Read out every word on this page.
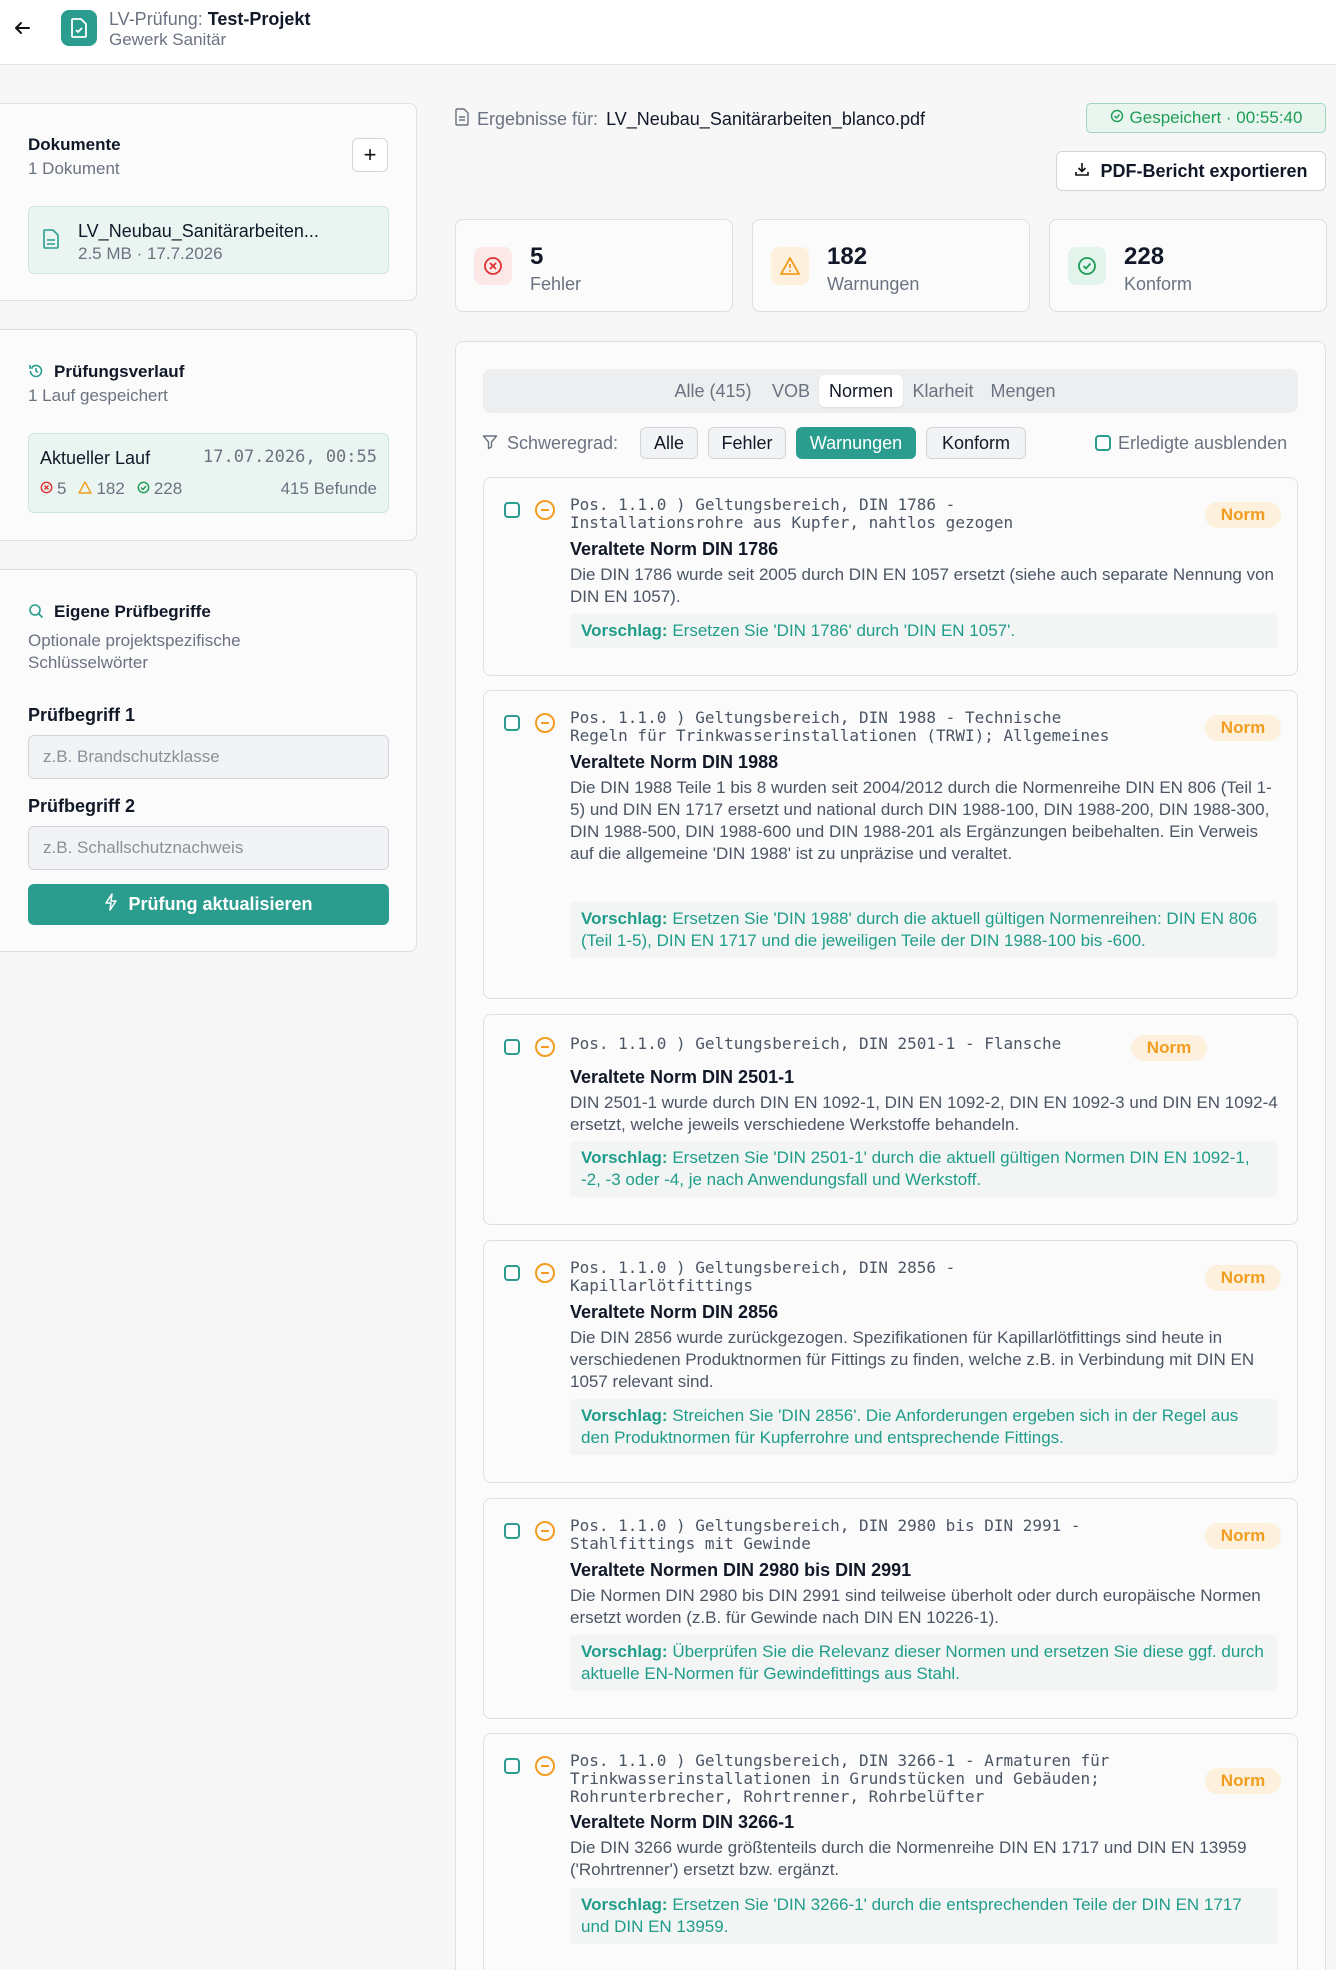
LV-Prüfung: Test-Projekt
Gewerk Sanitär
Dokumente
1 Dokument
+
LV_Neubau_Sanitärarbeiten...
2.5 MB · 17.7.2026
Prüfungsverlauf
1 Lauf gespeichert
Aktueller Lauf	17.07.2026, 00:55
5 182 228	415 Befunde
Eigene Prüfbegriffe
Optionale projektspezifische
Schlüsselwörter
Prüfbegriff 1
z.B. Brandschutzklasse
Prüfbegriff 2
z.B. Schallschutznachweis
Prüfung aktualisieren
Ergebnisse für: LV_Neubau_Sanitärarbeiten_blanco.pdf	Gespeichert · 00:55:40
PDF-Bericht exportieren
5
Fehler
182
Warnungen
228
Konform
Alle (415)	VOB	Normen	Klarheit Mengen
Schweregrad:	Alle	Fehler	Warnungen	Konform	Erledigte ausblenden
Pos. 1.1.0 ) Geltungsbereich, DIN 1786 -
Installationsrohre aus Kupfer, nahtlos gezogen	Norm
Veraltete Norm DIN 1786
Die DIN 1786 wurde seit 2005 durch DIN EN 1057 ersetzt (siehe auch separate Nennung von DIN EN 1057).
Vorschlag: Ersetzen Sie 'DIN 1786' durch 'DIN EN 1057'.
Pos. 1.1.0 ) Geltungsbereich, DIN 1988 - Technische
Regeln für Trinkwasserinstallationen (TRWI); Allgemeines	Norm
Veraltete Norm DIN 1988
Die DIN 1988 Teile 1 bis 8 wurden seit 2004/2012 durch die Normenreihe DIN EN 806 (Teil 1-5) und DIN EN 1717 ersetzt und national durch DIN 1988-100, DIN 1988-200, DIN 1988-300, DIN 1988-500, DIN 1988-600 und DIN 1988-201 als Ergänzungen beibehalten. Ein Verweis auf die allgemeine 'DIN 1988' ist zu unpräzise und veraltet.
Vorschlag: Ersetzen Sie 'DIN 1988' durch die aktuell gültigen Normenreihen: DIN EN 806 (Teil 1-5), DIN EN 1717 und die jeweiligen Teile der DIN 1988-100 bis -600.
Pos. 1.1.0 ) Geltungsbereich, DIN 2501-1 - Flansche	Norm
Veraltete Norm DIN 2501-1
DIN 2501-1 wurde durch DIN EN 1092-1, DIN EN 1092-2, DIN EN 1092-3 und DIN EN 1092-4 ersetzt, welche jeweils verschiedene Werkstoffe behandeln.
Vorschlag: Ersetzen Sie 'DIN 2501-1' durch die aktuell gültigen Normen DIN EN 1092-1, -2, -3 oder -4, je nach Anwendungsfall und Werkstoff.
Pos. 1.1.0 ) Geltungsbereich, DIN 2856 -
Kapillarlötfittings	Norm
Veraltete Norm DIN 2856
Die DIN 2856 wurde zurückgezogen. Spezifikationen für Kapillarlötfittings sind heute in verschiedenen Produktnormen für Fittings zu finden, welche z.B. in Verbindung mit DIN EN 1057 relevant sind.
Vorschlag: Streichen Sie 'DIN 2856'. Die Anforderungen ergeben sich in der Regel aus den Produktnormen für Kupferrohre und entsprechende Fittings.
Pos. 1.1.0 ) Geltungsbereich, DIN 2980 bis DIN 2991 -
Stahlfittings mit Gewinde	Norm
Veraltete Normen DIN 2980 bis DIN 2991
Die Normen DIN 2980 bis DIN 2991 sind teilweise überholt oder durch europäische Normen ersetzt worden (z.B. für Gewinde nach DIN EN 10226-1).
Vorschlag: Überprüfen Sie die Relevanz dieser Normen und ersetzen Sie diese ggf. durch aktuelle EN-Normen für Gewindefittings aus Stahl.
Pos. 1.1.0 ) Geltungsbereich, DIN 3266-1 - Armaturen für
Trinkwasserinstallationen in Grundstücken und Gebäuden;
Rohrunterbrecher, Rohrtrenner, Rohrbelüfter
Norm
Veraltete Norm DIN 3266-1
Die DIN 3266 wurde größtenteils durch die Normenreihe DIN EN 1717 und DIN EN 13959 ('Rohrtrenner') ersetzt bzw. ergänzt.
Vorschlag: Ersetzen Sie 'DIN 3266-1' durch die entsprechenden Teile der DIN EN 1717 und DIN EN 13959.
